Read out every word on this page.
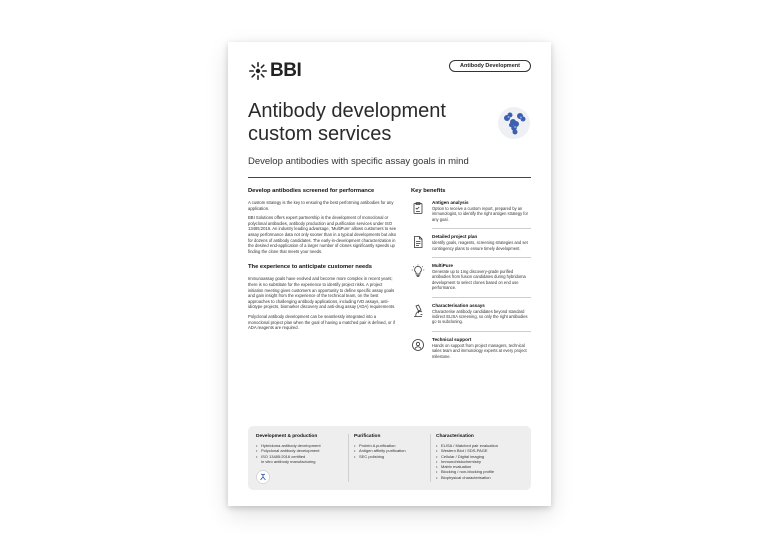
BBI	Antibody Development
Antibody development
custom services
Develop antibodies with specific assay goals in mind
Develop antibodies screened for performance

A custom strategy is the key to ensuring the best performing antibodies for any application.

BBI Solutions offers expert partnership in the development of monoclonal or polyclonal antibodies, antibody production and purification services under ISO 13485:2016. An industry leading advantage, ‘MultiPure’ allows customers to see assay performance data not only sooner than in a typical developments but also for dozens of antibody candidates. The early-in-development characterization in the desired end-application of a larger number of clones significantly speeds up finding the clone that meets your needs.

The experience to anticipate customer needs

Immunoassay goals have evolved and become more complex in recent years; there is no substitute for the experience to identify project risks. A project initiation meeting gives customers an opportunity to define specific assay goals and gain insight from the experience of the technical team, on the best approaches to challenging antibody applications, including IVD assays, anti-idiotype projects, biomarker discovery and anti-drug assay (ADA) requirements.

Polyclonal antibody development can be seamlessly integrated into a monoclonal project plan when the goal of having a matched pair is defined, or if ADA reagents are required.

Key benefits
Antigen analysis
Option to receive a custom report, prepared by an immunologist, to identify the right antigen strategy for any goal.
Detailed project plan
Identify goals, reagents, screening strategies and set contingency plans to ensure timely development.
MultiPure
Generate up to 1mg discovery-grade purified antibodies from fusion candidates during hybridoma development to select clones based on end use performance.
Characterisation assays
Characterise antibody candidates beyond standard indirect ELISA screening, so only the right antibodies go to subcloning.
Technical support
Hands on support from project managers, technical sales team and immunology experts at every project milestone.
Development & production
• Hybridoma antibody development
• Polyclonal antibody development
• ISO 13485:2016 certified
in vitro antibody manufacturing
Purification
• Protein A purification
• Antigen affinity purification
• SEC polishing
Characterisation
• ELISA / Matched pair evaluation
• Western Blot / SDS-PAGE
• Cellular / Digital imaging
• Immunohistochemistry
• Matrix evaluation
• Blocking / non-blocking profile
• Biophysical characterisation
